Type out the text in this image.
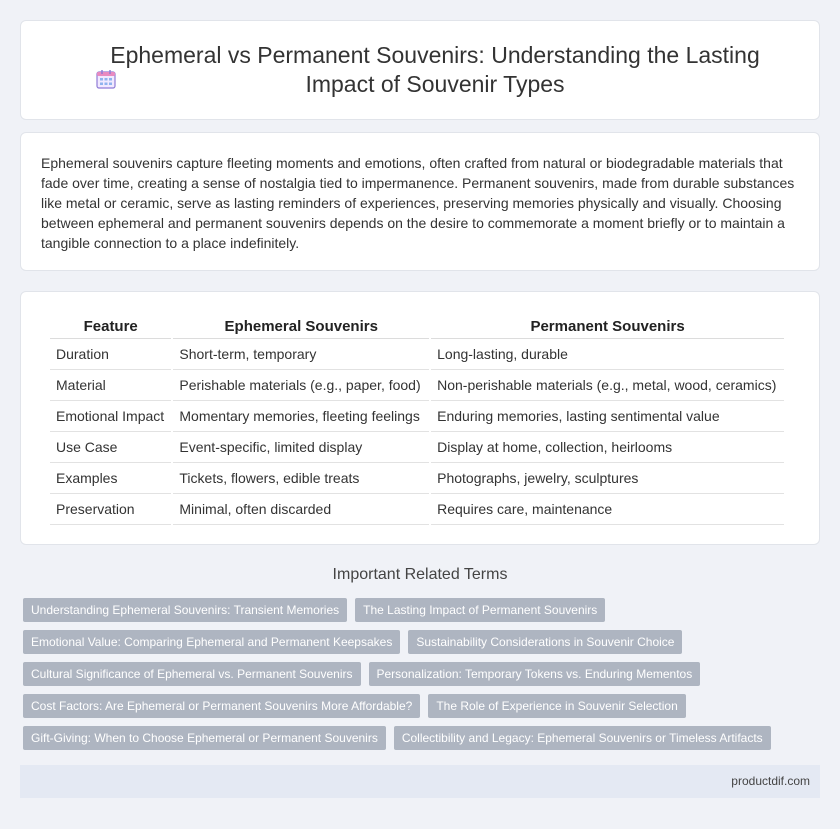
Ephemeral vs Permanent Souvenirs: Understanding the Lasting Impact of Souvenir Types

Ephemeral souvenirs capture fleeting moments and emotions, often crafted from natural or biodegradable materials that fade over time, creating a sense of nostalgia tied to impermanence. Permanent souvenirs, made from durable substances like metal or ceramic, serve as lasting reminders of experiences, preserving memories physically and visually. Choosing between ephemeral and permanent souvenirs depends on the desire to commemorate a moment briefly or to maintain a tangible connection to a place indefinitely.

Feature	Ephemeral Souvenirs	Permanent Souvenirs
Duration	Short-term, temporary	Long-lasting, durable
Material	Perishable materials (e.g., paper, food)	Non-perishable materials (e.g., metal, wood, ceramics)
Emotional Impact	Momentary memories, fleeting feelings	Enduring memories, lasting sentimental value
Use Case	Event-specific, limited display	Display at home, collection, heirlooms
Examples	Tickets, flowers, edible treats	Photographs, jewelry, sculptures
Preservation	Minimal, often discarded	Requires care, maintenance
Important Related Terms
Understanding Ephemeral Souvenirs: Transient Memories	The Lasting Impact of Permanent Souvenirs
Emotional Value: Comparing Ephemeral and Permanent Keepsakes	Sustainability Considerations in Souvenir Choice
Cultural Significance of Ephemeral vs. Permanent Souvenirs	Personalization: Temporary Tokens vs. Enduring Mementos
Cost Factors: Are Ephemeral or Permanent Souvenirs More Affordable?	The Role of Experience in Souvenir Selection
Gift-Giving: When to Choose Ephemeral or Permanent Souvenirs	Collectibility and Legacy: Ephemeral Souvenirs or Timeless Artifacts
productdif.com
